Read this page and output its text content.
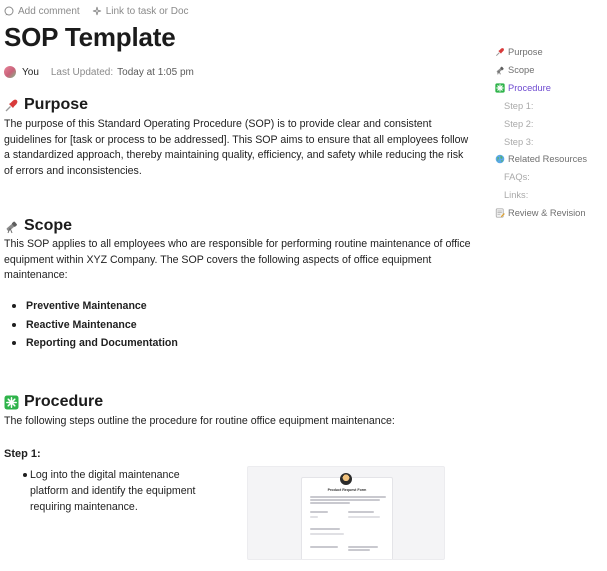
Add comment	Link to task or Doc
SOP Template
You Last Updated: Today at 1:05 pm
Purpose
The purpose of this Standard Operating Procedure (SOP) is to provide clear and consistent
guidelines for [task or process to be addressed]. This SOP aims to ensure that all employees follow
a standardized approach, thereby maintaining quality, efficiency, and safety while reducing the risk
of errors and inconsistencies.
Scope
This SOP applies to all employees who are responsible for performing routine maintenance of office
equipment within XYZ Company. The SOP covers the following aspects of office equipment
maintenance:
Preventive Maintenance
Reactive Maintenance
Reporting and Documentation
Procedure
The following steps outline the procedure for routine office equipment maintenance:
Step 1:
Log into the digital maintenance
platform and identify the equipment
requiring maintenance.
Product Request Form
Purpose
Scope
Procedure
Step 1:
Step 2:
Step 3:
Related Resources
FAQs:
Links:
Review & Revision
